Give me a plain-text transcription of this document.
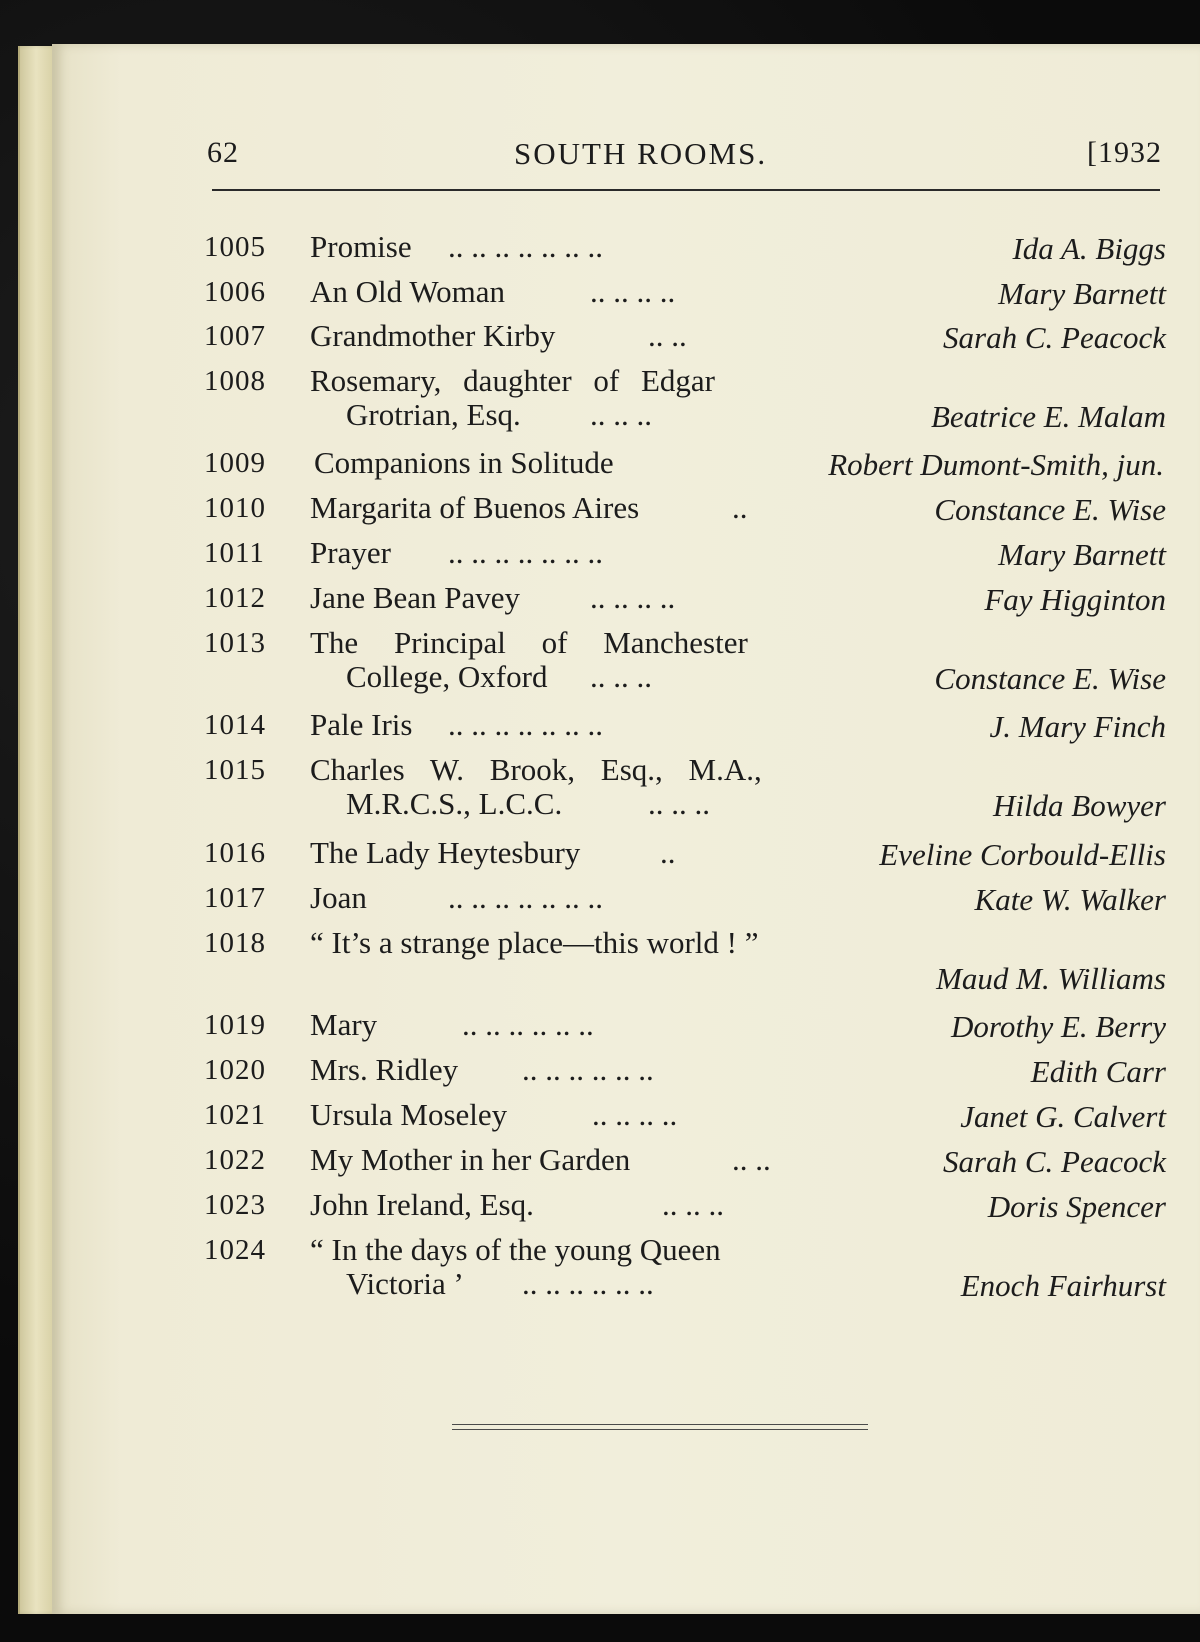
62	SOUTH ROOMS.	[1932
1005 Promise .. .. .. .. .. .. ..	Ida A. Biggs
1006 An Old Woman	.. .. .. ..	Mary Barnett
1007 Grandmother Kirby	.. ..	Sarah C. Peacock
1008 Rosemary, daughter of Edgar
Grotrian, Esq. .. .. ..	Beatrice E. Malam
1009 Companions in Solitude	Robert Dumont-Smith, jun.
1010 Margarita of Buenos Aires	..	Constance E. Wise
1011 Prayer .. .. .. .. .. .. ..	Mary Barnett
1012 Jane Bean Pavey .. .. .. ..	Fay Higginton
1013 The Principal of Manchester
College, Oxford .. .. ..	Constance E. Wise
1014 Pale Iris .. .. .. .. .. .. ..	J. Mary Finch
1015 Charles W. Brook, Esq., M.A.,
M.R.C.S., L.C.C.	.. .. ..	Hilda Bowyer
1016 The Lady Heytesbury	..	Eveline Corbould-Ellis
1017 Joan	.. .. .. .. .. .. ..	Kate W. Walker
1018 “ It’s a strange place—this world ! ”
Maud M. Williams
1019 Mary	.. .. .. .. .. ..	Dorothy E. Berry
1020 Mrs. Ridley .. .. .. .. .. ..	Edith Carr
1021 Ursula Moseley	.. .. .. ..	Janet G. Calvert
1022 My Mother in her Garden	.. ..	Sarah C. Peacock
1023 John Ireland, Esq.	.. .. ..	Doris Spencer
1024 “ In the days of the young Queen
Victoria ’ .. .. .. .. .. ..	Enoch Fairhurst
